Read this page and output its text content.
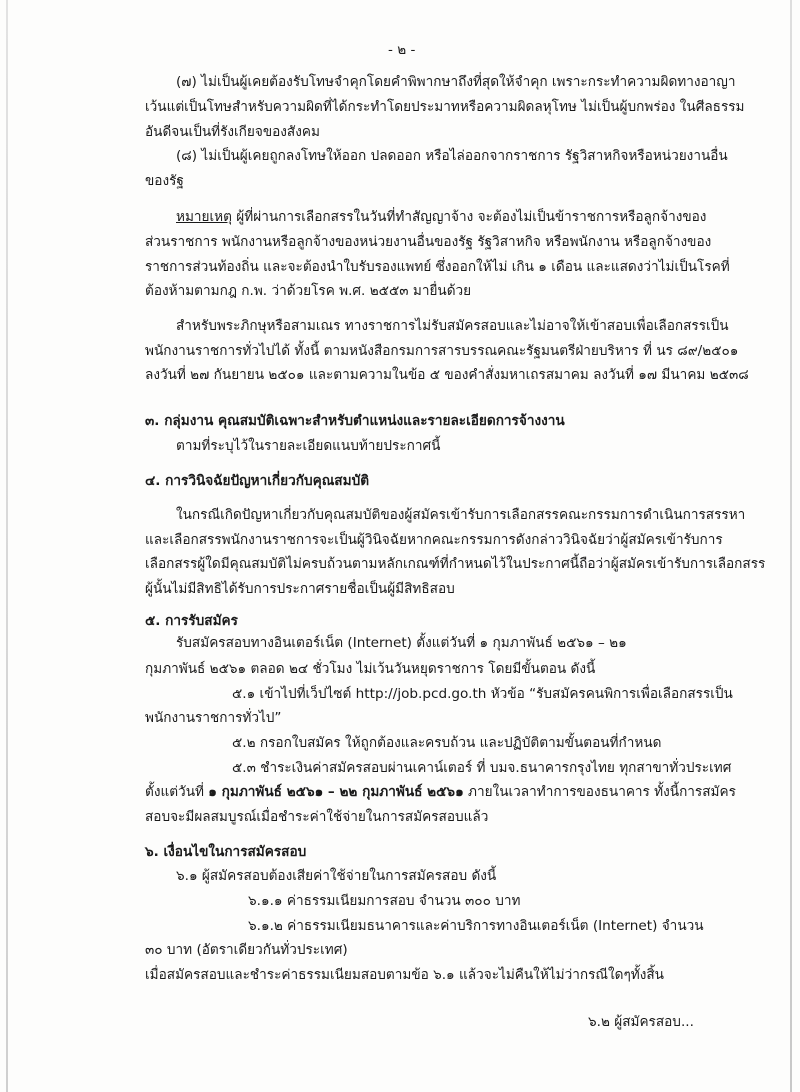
- ๒ -
(๗) ไม่เป็นผู้เคยต้องรับโทษจำคุกโดยคำพิพากษาถึงที่สุดให้จำคุก เพราะกระทำความผิดทางอาญา
เว้นแต่เป็นโทษสำหรับความผิดที่ได้กระทำโดยประมาทหรือความผิดลหุโทษ ไม่เป็นผู้บกพร่อง ในศีลธรรม
อันดีจนเป็นที่รังเกียจของสังคม
(๘) ไม่เป็นผู้เคยถูกลงโทษให้ออก ปลดออก หรือไล่ออกจากราชการ รัฐวิสาหกิจหรือหน่วยงานอื่น
ของรัฐ
หมายเหตุ ผู้ที่ผ่านการเลือกสรรในวันที่ทำสัญญาจ้าง จะต้องไม่เป็นข้าราชการหรือลูกจ้างของ
ส่วนราชการ พนักงานหรือลูกจ้างของหน่วยงานอื่นของรัฐ รัฐวิสาหกิจ หรือพนักงาน หรือลูกจ้างของ
ราชการส่วนท้องถิ่น และจะต้องนำใบรับรองแพทย์ ซึ่งออกให้ไม่ เกิน ๑ เดือน และแสดงว่าไม่เป็นโรคที่
ต้องห้ามตามกฎ ก.พ. ว่าด้วยโรค พ.ศ. ๒๕๕๓ มายื่นด้วย
สำหรับพระภิกษุหรือสามเณร ทางราชการไม่รับสมัครสอบและไม่อาจให้เข้าสอบเพื่อเลือกสรรเป็น
พนักงานราชการทั่วไปได้ ทั้งนี้ ตามหนังสือกรมการสารบรรณคณะรัฐมนตรีฝ่ายบริหาร ที่ นร ๘๙/๒๕๐๑
ลงวันที่ ๒๗ กันยายน ๒๕๐๑ และตามความในข้อ ๕ ของคำสั่งมหาเถรสมาคม ลงวันที่ ๑๗ มีนาคม ๒๕๓๘
๓. กลุ่มงาน คุณสมบัติเฉพาะสำหรับตำแหน่งและรายละเอียดการจ้างงาน
ตามที่ระบุไว้ในรายละเอียดแนบท้ายประกาศนี้
๔. การวินิจฉัยปัญหาเกี่ยวกับคุณสมบัติ
ในกรณีเกิดปัญหาเกี่ยวกับคุณสมบัติของผู้สมัครเข้ารับการเลือกสรรคณะกรรมการดำเนินการสรรหา
และเลือกสรรพนักงานราชการจะเป็นผู้วินิจฉัยหากคณะกรรมการดังกล่าววินิจฉัยว่าผู้สมัครเข้ารับการ
เลือกสรรผู้ใดมีคุณสมบัติไม่ครบถ้วนตามหลักเกณฑ์ที่กำหนดไว้ในประกาศนี้ถือว่าผู้สมัครเข้ารับการเลือกสรร
ผู้นั้นไม่มีสิทธิได้รับการประกาศรายชื่อเป็นผู้มีสิทธิสอบ
๕. การรับสมัคร
รับสมัครสอบทางอินเตอร์เน็ต (Internet) ตั้งแต่วันที่ ๑ กุมภาพันธ์ ๒๕๖๑ – ๒๑
กุมภาพันธ์ ๒๕๖๑ ตลอด ๒๔ ชั่วโมง ไม่เว้นวันหยุดราชการ โดยมีขั้นตอน ดังนี้
๕.๑ เข้าไปที่เว็ปไซต์ http://job.pcd.go.th หัวข้อ “รับสมัครคนพิการเพื่อเลือกสรรเป็น
พนักงานราชการทั่วไป”
๕.๒ กรอกใบสมัคร ให้ถูกต้องและครบถ้วน และปฏิบัติตามขั้นตอนที่กำหนด
๕.๓ ชำระเงินค่าสมัครสอบผ่านเคาน์เตอร์ ที่ บมจ.ธนาคารกรุงไทย ทุกสาขาทั่วประเทศ
ตั้งแต่วันที่ ๑ กุมภาพันธ์ ๒๕๖๑ – ๒๒ กุมภาพันธ์ ๒๕๖๑ ภายในเวลาทำการของธนาคาร ทั้งนี้การสมัคร
สอบจะมีผลสมบูรณ์เมื่อชำระค่าใช้จ่ายในการสมัครสอบแล้ว
๖. เงื่อนไขในการสมัครสอบ
๖.๑ ผู้สมัครสอบต้องเสียค่าใช้จ่ายในการสมัครสอบ ดังนี้
๖.๑.๑ ค่าธรรมเนียมการสอบ จำนวน ๓๐๐ บาท
๖.๑.๒ ค่าธรรมเนียมธนาคารและค่าบริการทางอินเตอร์เน็ต (Internet) จำนวน
๓๐ บาท (อัตราเดียวกันทั่วประเทศ)
เมื่อสมัครสอบและชำระค่าธรรมเนียมสอบตามข้อ ๖.๑ แล้วจะไม่คืนให้ไม่ว่ากรณีใดๆทั้งสิ้น
๖.๒ ผู้สมัครสอบ...
